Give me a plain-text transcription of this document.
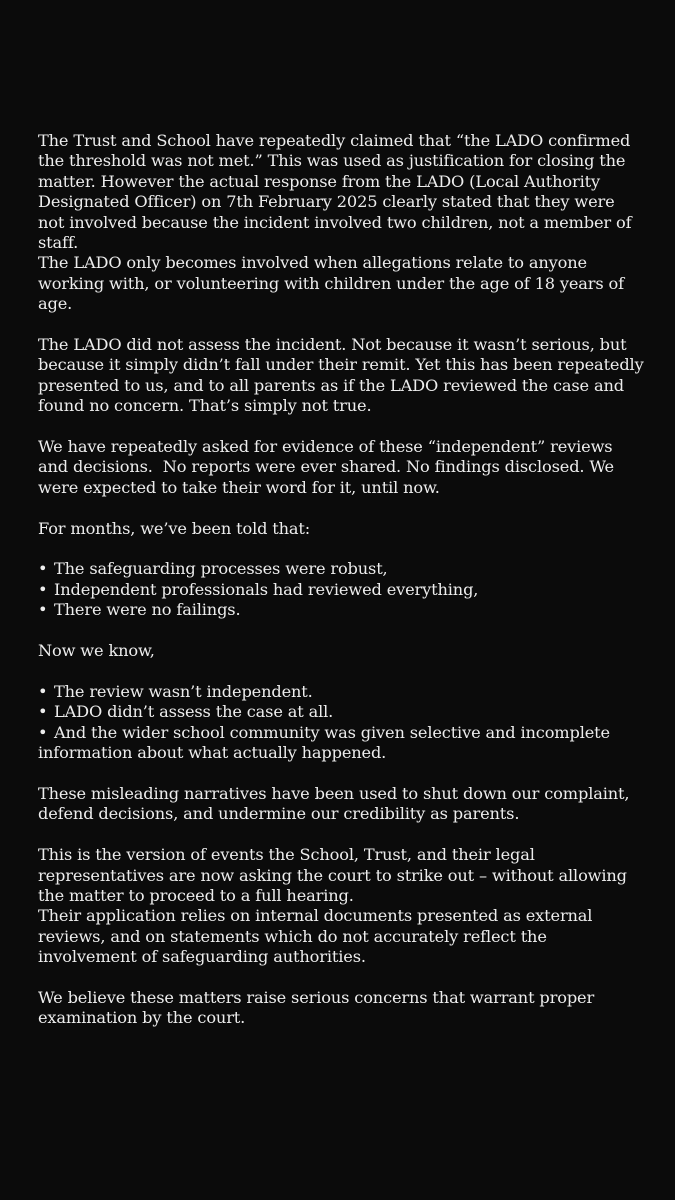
The Trust and School have repeatedly claimed that “the LADO confirmed
the threshold was not met.” This was used as justification for closing the
matter. However the actual response from the LADO (Local Authority
Designated Officer) on 7th February 2025 clearly stated that they were
not involved because the incident involved two children, not a member of
staff.
The LADO only becomes involved when allegations relate to anyone
working with, or volunteering with children under the age of 18 years of
age.

The LADO did not assess the incident. Not because it wasn’t serious, but
because it simply didn’t fall under their remit. Yet this has been repeatedly
presented to us, and to all parents as if the LADO reviewed the case and
found no concern. That’s simply not true.

We have repeatedly asked for evidence of these “independent” reviews
and decisions.  No reports were ever shared. No findings disclosed. We
were expected to take their word for it, until now.

For months, we’ve been told that:

• The safeguarding processes were robust,
• Independent professionals had reviewed everything,
• There were no failings.

Now we know,

• The review wasn’t independent.
• LADO didn’t assess the case at all.
• And the wider school community was given selective and incomplete
information about what actually happened.

These misleading narratives have been used to shut down our complaint,
defend decisions, and undermine our credibility as parents.

This is the version of events the School, Trust, and their legal
representatives are now asking the court to strike out – without allowing
the matter to proceed to a full hearing.
Their application relies on internal documents presented as external
reviews, and on statements which do not accurately reflect the
involvement of safeguarding authorities.

We believe these matters raise serious concerns that warrant proper
examination by the court.
